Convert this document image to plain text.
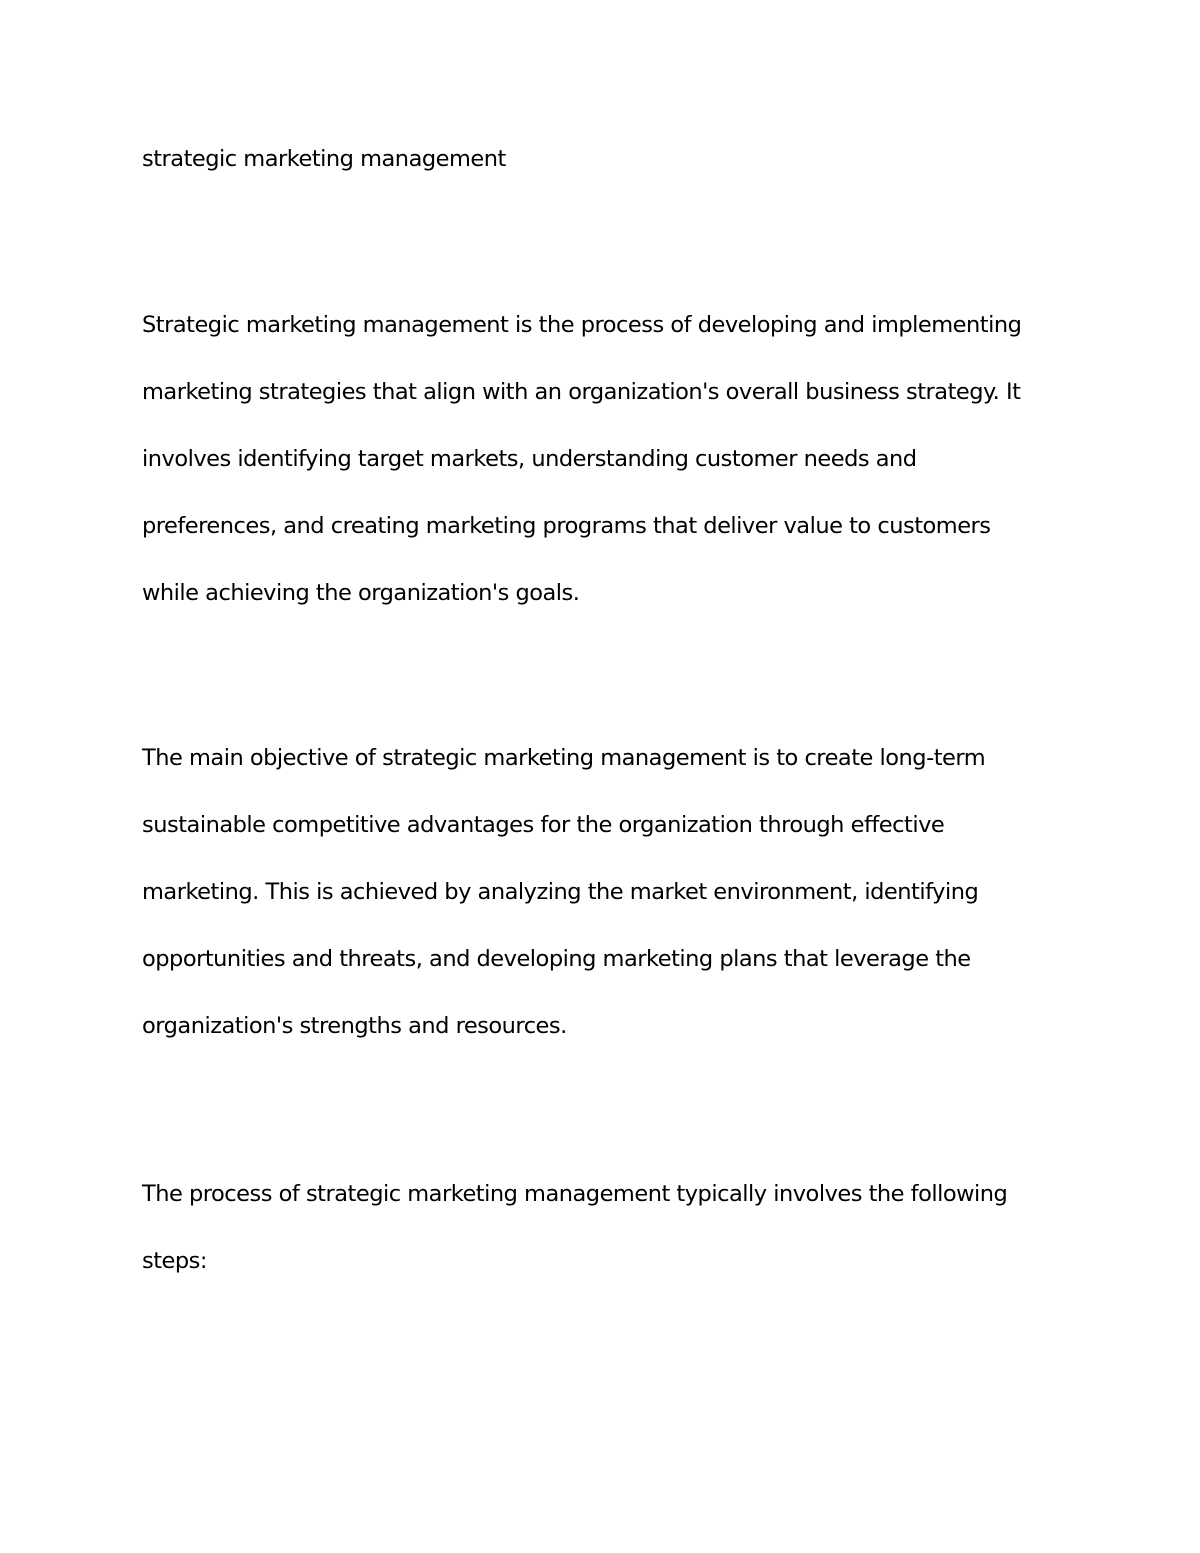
strategic marketing management
Strategic marketing management is the process of developing and implementing
marketing strategies that align with an organization's overall business strategy. It
involves identifying target markets, understanding customer needs and
preferences, and creating marketing programs that deliver value to customers
while achieving the organization's goals.
The main objective of strategic marketing management is to create long-term
sustainable competitive advantages for the organization through effective
marketing. This is achieved by analyzing the market environment, identifying
opportunities and threats, and developing marketing plans that leverage the
organization's strengths and resources.
The process of strategic marketing management typically involves the following
steps:
